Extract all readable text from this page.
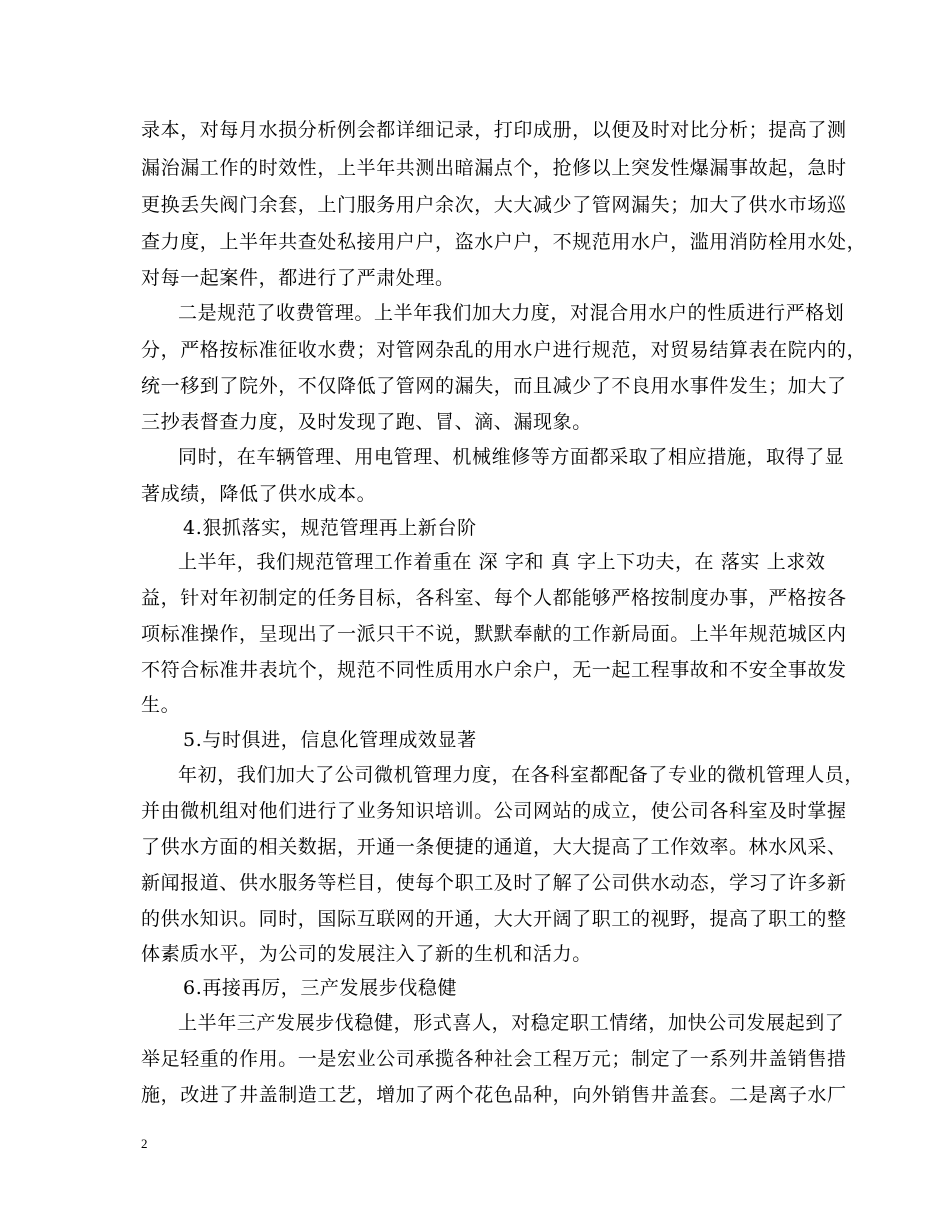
录本，对每月水损分析例会都详细记录，打印成册，以便及时对比分析；提高了测
漏治漏工作的时效性，上半年共测出暗漏点个，抢修以上突发性爆漏事故起，急时
更换丢失阀门余套，上门服务用户余次，大大减少了管网漏失；加大了供水市场巡
查力度，上半年共查处私接用户户，盗水户户，不规范用水户，滥用消防栓用水处，
对每一起案件，都进行了严肃处理。
二是规范了收费管理。上半年我们加大力度，对混合用水户的性质进行严格划
分，严格按标准征收水费；对管网杂乱的用水户进行规范，对贸易结算表在院内的，
统一移到了院外，不仅降低了管网的漏失，而且减少了不良用水事件发生；加大了
三抄表督查力度，及时发现了跑、冒、滴、漏现象。
同时，在车辆管理、用电管理、机械维修等方面都采取了相应措施，取得了显
著成绩，降低了供水成本。
4.狠抓落实，规范管理再上新台阶
上半年，我们规范管理工作着重在 深 字和 真 字上下功夫，在 落实 上求效
益，针对年初制定的任务目标，各科室、每个人都能够严格按制度办事，严格按各
项标准操作，呈现出了一派只干不说，默默奉献的工作新局面。上半年规范城区内
不符合标准井表坑个，规范不同性质用水户余户，无一起工程事故和不安全事故发
生。
5.与时俱进，信息化管理成效显著
年初，我们加大了公司微机管理力度，在各科室都配备了专业的微机管理人员，
并由微机组对他们进行了业务知识培训。公司网站的成立，使公司各科室及时掌握
了供水方面的相关数据，开通一条便捷的通道，大大提高了工作效率。林水风采、
新闻报道、供水服务等栏目，使每个职工及时了解了公司供水动态，学习了许多新
的供水知识。同时，国际互联网的开通，大大开阔了职工的视野，提高了职工的整
体素质水平，为公司的发展注入了新的生机和活力。
6.再接再厉，三产发展步伐稳健
上半年三产发展步伐稳健，形式喜人，对稳定职工情绪，加快公司发展起到了
举足轻重的作用。一是宏业公司承揽各种社会工程万元；制定了一系列井盖销售措
施，改进了井盖制造工艺，增加了两个花色品种，向外销售井盖套。二是离子水厂
2
